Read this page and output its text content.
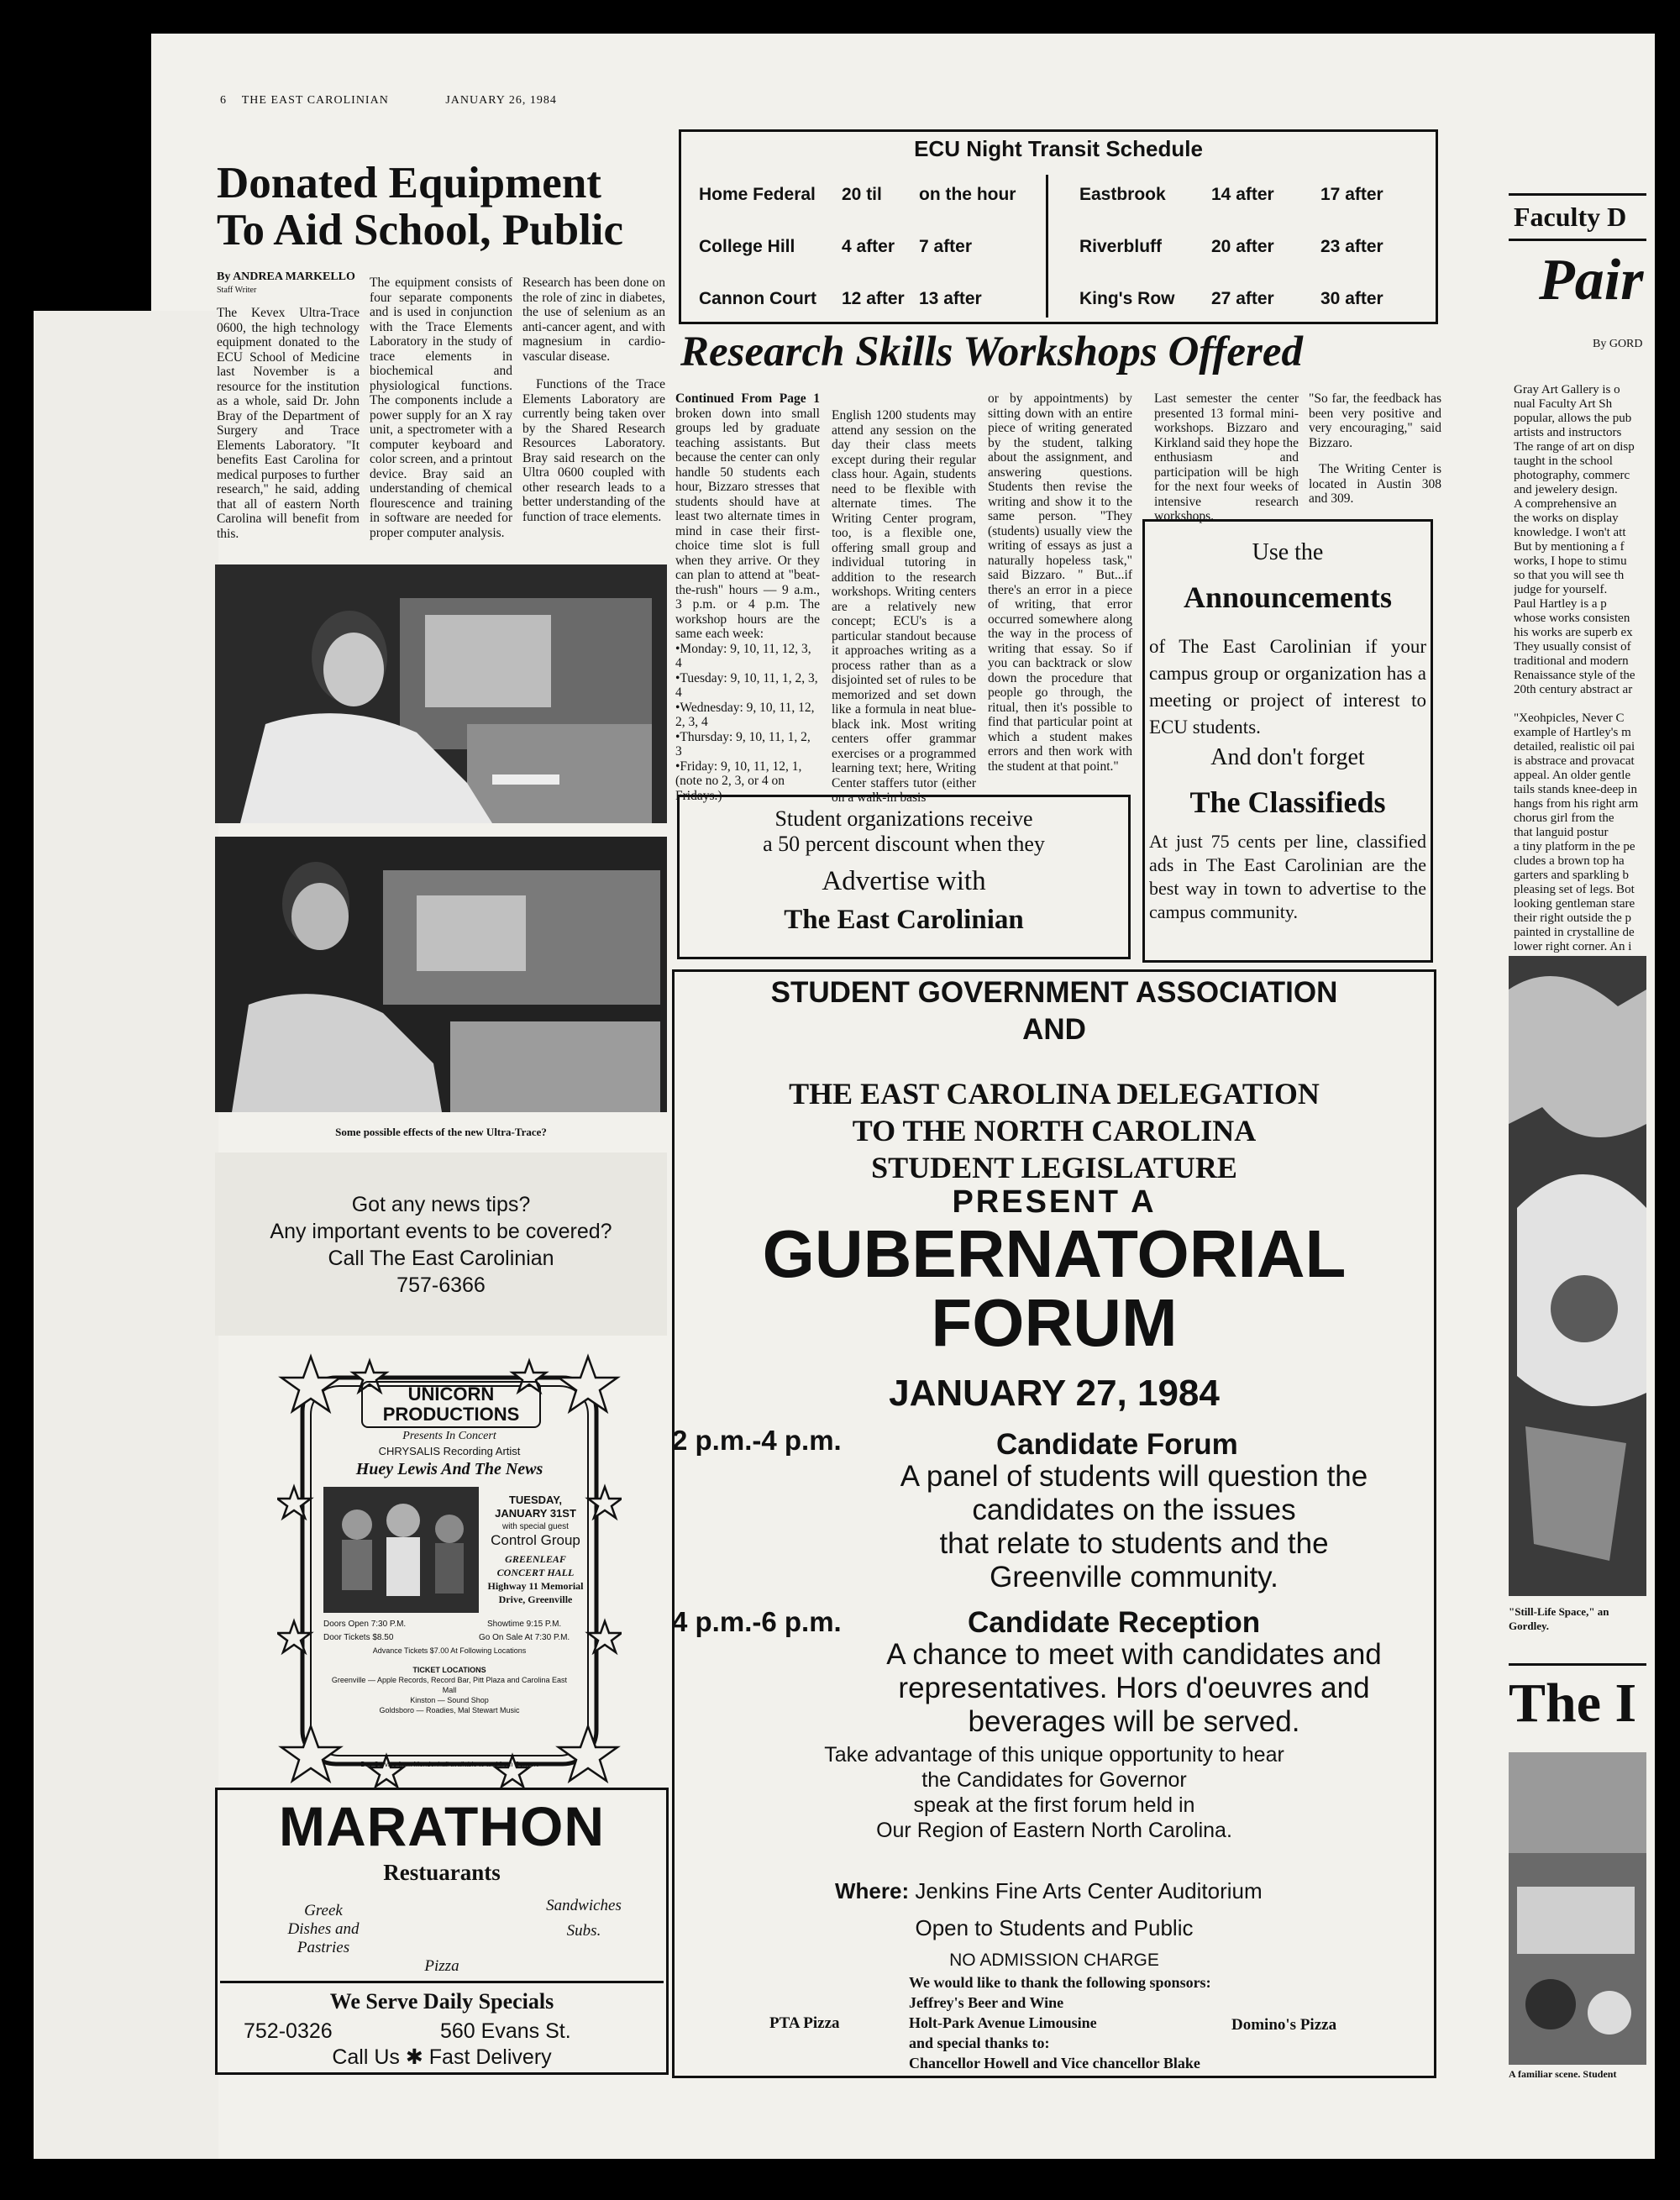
6 THE EAST CAROLINIAN	JANUARY 26, 1984
Donated Equipment
To Aid School, Public
By ANDREA MARKELLO
Staff Writer
The Kevex Ultra-Trace 0600, the high technology equipment donated to the ECU School of Medicine last November is a resource for the institution as a whole, said Dr. John Bray of the Department of Surgery and Trace Elements Laboratory. "It benefits East Carolina for medical purposes to further research," he said, adding that all of eastern North Carolina will benefit from this.
The equipment consists of four separate components and is used in conjunction with the Trace Elements Laboratory in the study of trace elements in biochemical and physiological functions. The components include a power supply for an X ray unit, a spectrometer with a computer keyboard and color screen, and a printout device. Bray said an understanding of chemical flourescence and training in software are needed for proper computer analysis.

Research has been done on the role of zinc in diabetes, the use of selenium as an anti-cancer agent, and with magnesium in cardio-vascular disease.

Functions of the Trace Elements Laboratory are currently being taken over by the Shared Research Resources Laboratory. Bray said research on the Ultra 0600 coupled with other research leads to a better understanding of the function of trace elements.

Some possible effects of the new Ultra-Trace?
Got any news tips?
Any important events to be covered?
Call The East Carolinian
757-6366
UNICORN
PRODUCTIONS
Presents In Concert
CHRYSALIS Recording Artist
Huey Lewis And The News
TUESDAY,
JANUARY 31ST
with special guest
Control Group
GREENLEAF CONCERT HALL
Highway 11 Memorial Drive, Greenville
Doors Open 7:30 P.M.	Showtime 9:15 P.M.
Door Tickets $8.50	Go On Sale At 7:30 P.M.
Advance Tickets $7.00 At Following Locations
TICKET LOCATIONS
Greenville — Apple Records, Record Bar, Pitt Plaza and Carolina East Mall
Kinston — Sound Shop
Goldsboro — Roadies, Mal Stewart Music
Bus Service from Mendenhall available to and from Concert
MARATHON
Restuarants
Greek
Dishes and Pastries
Sandwiches
Subs.
Pizza
We Serve Daily Specials
752-0326	560 Evans St.
Call Us ✱ Fast Delivery
ECU Night Transit Schedule
Home Federal 20 til on the hour	Eastbrook	14 after	17 after
College Hill	4 after 7 after	Riverbluff	20 after	23 after
Cannon Court 12 after 13 after	King's Row 27 after	30 after
Research Skills Workshops Offered

Continued From Page 1 broken down into small groups led by graduate teaching assistants. But because the center can only handle 50 students each hour, Bizzaro stresses that students should have at least two alternate times in mind in case their first-choice time slot is full when they arrive. Or they can plan to attend at "beat-the-rush" hours — 9 a.m., 3 p.m. or 4 p.m. The workshop hours are the same each week:

•Monday: 9, 10, 11, 12, 3, 4

•Tuesday: 9, 10, 11, 1, 2, 3, 4

•Wednesday: 9, 10, 11, 12, 2, 3, 4

•Thursday: 9, 10, 11, 1, 2, 3

•Friday: 9, 10, 11, 12, 1, (note no 2, 3, or 4 on Fridays.)

English 1200 students may attend any session on the day their class meets except during their regular class hour. Again, students need to be flexible with alternate times. The Writing Center program, too, is a flexible one, offering small group and individual tutoring in addition to the research workshops. Writing centers are a relatively new concept; ECU's is a particular standout because it approaches writing as a process rather than as a disjointed set of rules to be memorized and set down like a formula in neat blue-black ink. Most writing centers offer grammar exercises or a programmed learning text; here, Writing Center staffers tutor (either on a walk-in basis
or by appointments) by sitting down with an entire piece of writing generated by the student, talking about the assignment, and answering questions. Students then revise the writing and show it to the same person. "They (students) usually view the writing of essays as just a naturally hopeless task," said Bizzaro. " But...if there's an error in a piece of writing, that error occurred somewhere along the way in the process of writing that essay. So if you can backtrack or slow down the procedure that people go through, the ritual, then it's possible to find that particular point at which a student makes errors and then work with the student at that point."
Last semester the center presented 13 formal mini-workshops. Bizzaro and Kirkland said they hope the enthusiasm and participation will be high for the next four weeks of intensive research workshops.

"So far, the feedback has been very positive and very encouraging," said Bizzaro.

The Writing Center is located in Austin 308 and 309.

Student organizations receive
a 50 percent discount when they
Advertise with
The East Carolinian
Use the
Announcements
of The East Carolinian if your campus group or organization has a meeting or project of interest to ECU students.
And don't forget
The Classifieds
At just 75 cents per line, classified ads in The East Carolinian are the best way in town to advertise to the campus community.
STUDENT GOVERNMENT ASSOCIATION
AND
THE EAST CAROLINA DELEGATION
TO THE NORTH CAROLINA
STUDENT LEGISLATURE
PRESENT A
GUBERNATORIAL
FORUM
JANUARY 27, 1984
2 p.m.-4 p.m.	Candidate Forum
A panel of students will question the
candidates on the issues
that relate to students and the
Greenville community.
4 p.m.-6 p.m.	Candidate Reception
A chance to meet with candidates and
representatives. Hors d'oeuvres and
beverages will be served.
Take advantage of this unique opportunity to hear
the Candidates for Governor
speak at the first forum held in
Our Region of Eastern North Carolina.
Where: Jenkins Fine Arts Center Auditorium
Open to Students and Public
NO ADMISSION CHARGE
We would like to thank the following sponsors:
Jeffrey's Beer and Wine
Holt-Park Avenue Limousine
and special thanks to:
Chancellor Howell and Vice chancellor Blake
PTA Pizza	Domino's Pizza
Faculty D
Pair
By GORD
Gray Art Gallery is o
nual Faculty Art Sh
popular, allows the pub
artists and instructors
The range of art on disp
taught in the school
photography, commerc
and jewelery design.
A comprehensive an
the works on display
knowledge. I won't att
But by mentioning a f
works, I hope to stimu
so that you will see th
judge for yourself.
Paul Hartley is a p
whose works consisten
his works are superb ex
They usually consist of
traditional and modern
Renaissance style of the
20th century abstract ar
"Xeohpicles, Never C
example of Hartley's m
detailed, realistic oil pai
is abstrace and provacat
appeal. An older gentle
tails stands knee-deep in
hangs from his right arm
chorus girl from the
that languid postur
a tiny platform in the pe
cludes a brown top ha
garters and sparkling b
pleasing set of legs. Bot
looking gentleman stare
their right outside the p
painted in crystalline de
lower right corner. An i
"Still-Life Space," an
Gordley.
The I
A familiar scene. Student
